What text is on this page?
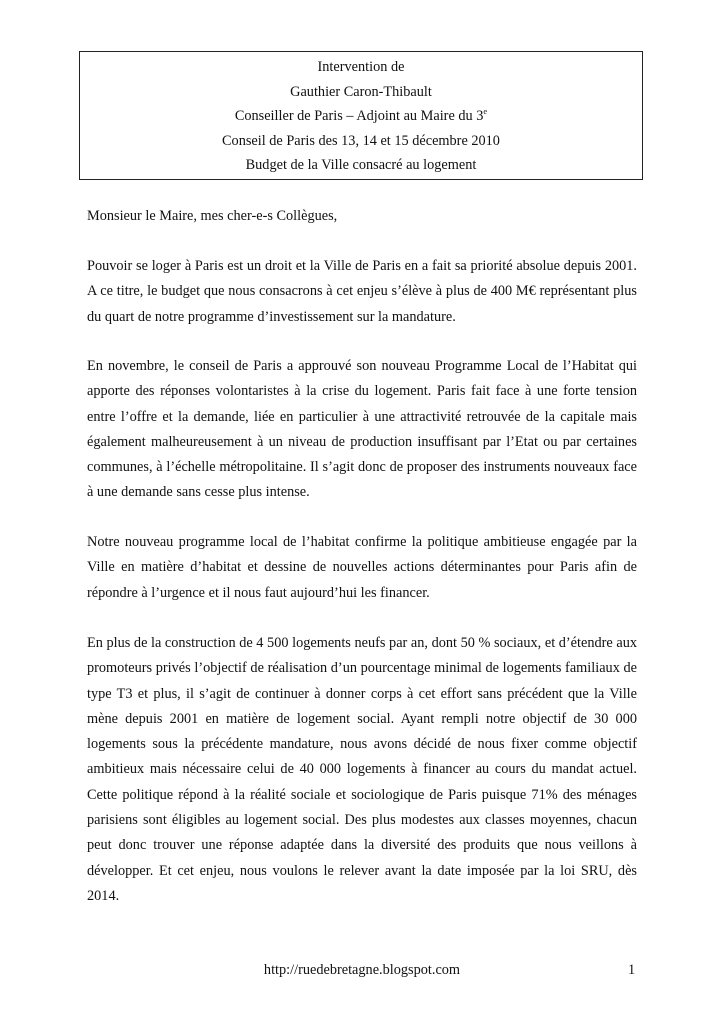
Intervention de
Gauthier Caron-Thibault
Conseiller de Paris – Adjoint au Maire du 3e
Conseil de Paris des 13, 14 et 15 décembre 2010
Budget de la Ville consacré au logement

Monsieur le Maire, mes cher-e-s Collègues,

Pouvoir se loger à Paris est un droit et la Ville de Paris en a fait sa priorité absolue depuis 2001. A ce titre, le budget que nous consacrons à cet enjeu s’élève à plus de 400 M€ représentant plus du quart de notre programme d’investissement sur la mandature.

En novembre, le conseil de Paris a approuvé son nouveau Programme Local de l’Habitat qui apporte des réponses volontaristes à la crise du logement. Paris fait face à une forte tension entre l’offre et la demande, liée en particulier à une attractivité retrouvée de la capitale mais également malheureusement à un niveau de production insuffisant par l’Etat ou par certaines communes, à l’échelle métropolitaine. Il s’agit donc de proposer des instruments nouveaux face à une demande sans cesse plus intense.

Notre nouveau programme local de l’habitat confirme la politique ambitieuse engagée par la Ville en matière d’habitat et dessine de nouvelles actions déterminantes pour Paris afin de répondre à l’urgence et il nous faut aujourd’hui les financer.

En plus de la construction de 4 500 logements neufs par an, dont 50 % sociaux, et d’étendre aux promoteurs privés l’objectif de réalisation d’un pourcentage minimal de logements familiaux de type T3 et plus, il s’agit de continuer à donner corps à cet effort sans précédent que la Ville mène depuis 2001 en matière de logement social. Ayant rempli notre objectif de 30 000 logements sous la précédente mandature, nous avons décidé de nous fixer comme objectif ambitieux mais nécessaire celui de 40 000 logements à financer au cours du mandat actuel. Cette politique répond à la réalité sociale et sociologique de Paris puisque 71% des ménages parisiens sont éligibles au logement social. Des plus modestes aux classes moyennes, chacun peut donc trouver une réponse adaptée dans la diversité des produits que nous veillons à développer. Et cet enjeu, nous voulons le relever avant la date imposée par la loi SRU, dès 2014.

http://ruedebretagne.blogspot.com	1
